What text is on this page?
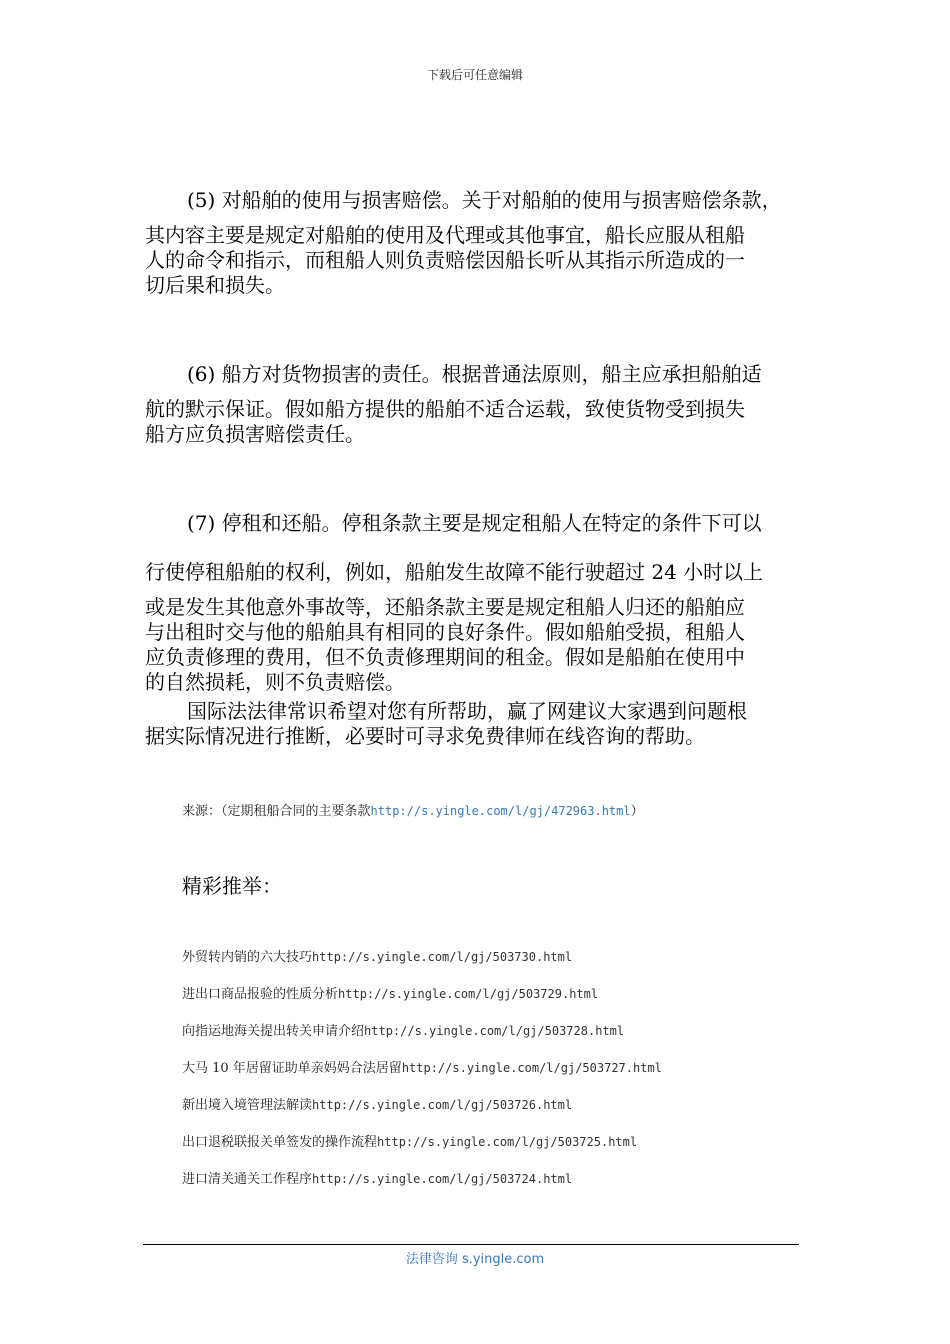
下载后可任意编辑
(5) 对船舶的使用与损害赔偿。关于对船舶的使用与损害赔偿条款，
其内容主要是规定对船舶的使用及代理或其他事宜，船长应服从租船
人的命令和指示，而租船人则负责赔偿因船长听从其指示所造成的一
切后果和损失。
(6) 船方对货物损害的责任。根据普通法原则，船主应承担船舶适
航的默示保证。假如船方提供的船舶不适合运载，致使货物受到损失
船方应负损害赔偿责任。
(7) 停租和还船。停租条款主要是规定租船人在特定的条件下可以
行使停租船舶的权利，例如，船舶发生故障不能行驶超过 24 小时以上
或是发生其他意外事故等，还船条款主要是规定租船人归还的船舶应
与出租时交与他的船舶具有相同的良好条件。假如船舶受损，租船人
应负责修理的费用，但不负责修理期间的租金。假如是船舶在使用中
的自然损耗，则不负责赔偿。
国际法法律常识希望对您有所帮助，赢了网建议大家遇到问题根
据实际情况进行推断，必要时可寻求免费律师在线咨询的帮助。
来源：（定期租船合同的主要条款http://s.yingle.com/l/gj/472963.html）
精彩推举：
外贸转内销的六大技巧http://s.yingle.com/l/gj/503730.html
进出口商品报验的性质分析http://s.yingle.com/l/gj/503729.html
向指运地海关提出转关申请介绍http://s.yingle.com/l/gj/503728.html
大马 10 年居留证助单亲妈妈合法居留http://s.yingle.com/l/gj/503727.html
新出境入境管理法解读http://s.yingle.com/l/gj/503726.html
出口退税联报关单签发的操作流程http://s.yingle.com/l/gj/503725.html
进口清关通关工作程序http://s.yingle.com/l/gj/503724.html
法律咨询 s.yingle.com
